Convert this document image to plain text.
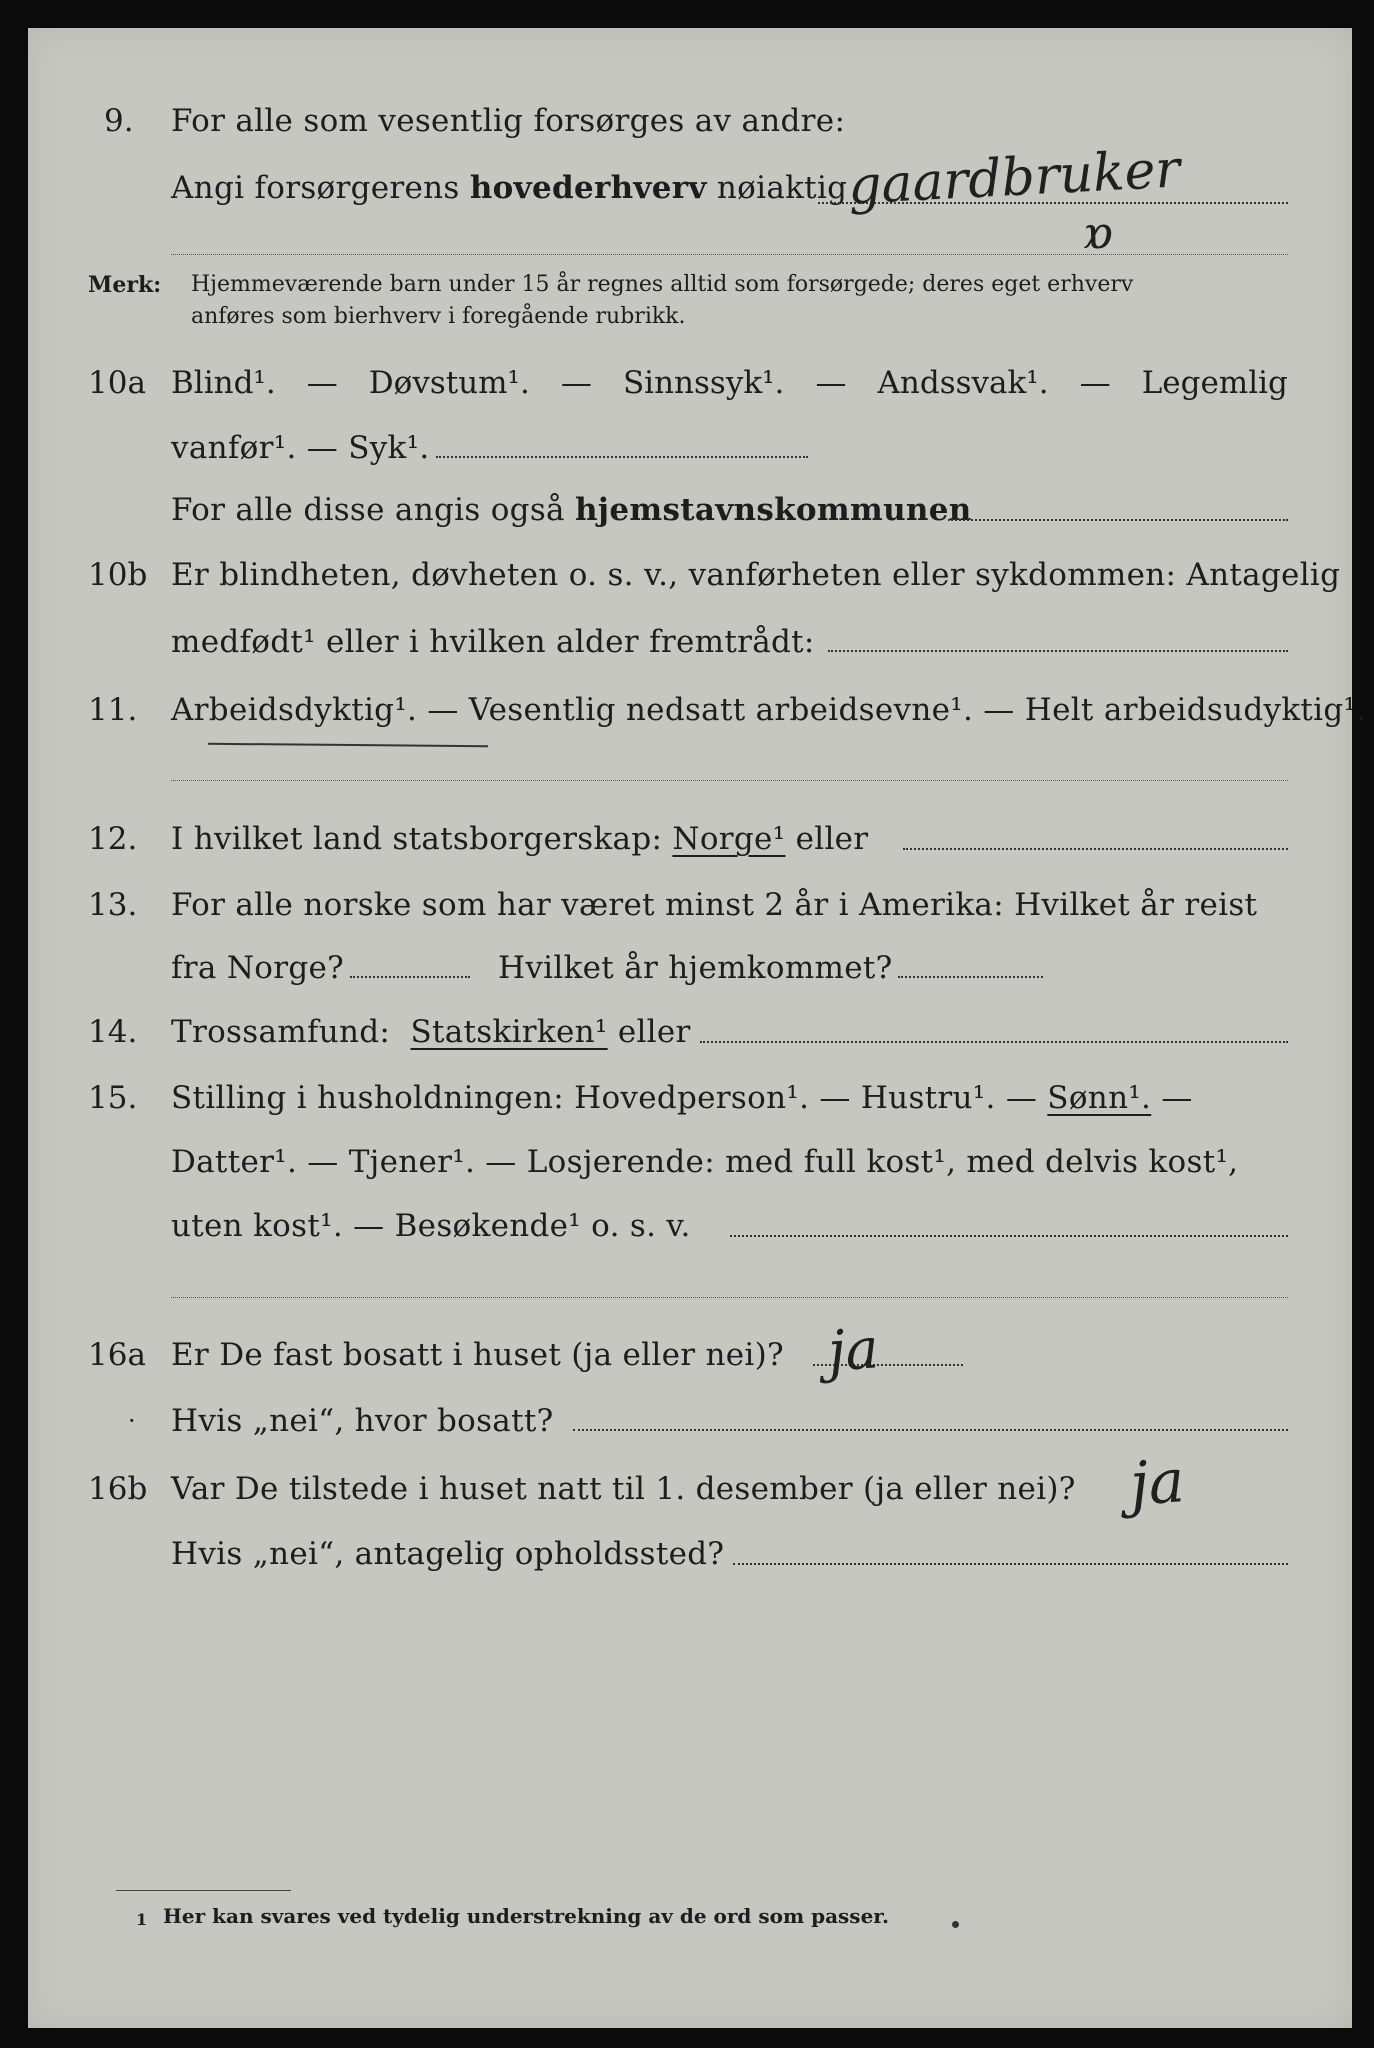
9. For alle som vesentlig forsørges av andre:
Angi forsørgerens hovederhverv nøiaktig gaardbruker
ɒ
Merk: Hjemmeværende barn under 15 år regnes alltid som forsørgede; deres eget erhverv
anføres som bierhverv i foregående rubrikk.
10a Blind¹. — Døvstum¹. — Sinnssyk¹. — Andssvak¹. — Legemlig
vanfør¹. — Syk¹.
For alle disse angis også hjemstavnskommunen
10b Er blindheten, døvheten o. s. v., vanførheten eller sykdommen: Antagelig
medfødt¹ eller i hvilken alder fremtrådt:
11. Arbeidsdyktig¹. — Vesentlig nedsatt arbeidsevne¹. — Helt arbeidsudyktig¹.
12. I hvilket land statsborgerskap: Norge¹ eller
13. For alle norske som har været minst 2 år i Amerika: Hvilket år reist
fra Norge?	Hvilket år hjemkommet?
14. Trossamfund: Statskirken¹ eller
15. Stilling i husholdningen: Hovedperson¹. — Hustru¹. — Sønn¹. —
Datter¹. — Tjener¹. — Losjerende: med full kost¹, med delvis kost¹,
uten kost¹. — Besøkende¹ o. s. v.
16a Er De fast bosatt i huset (ja eller nei)? ja
· Hvis „nei“, hvor bosatt?
16b Var De tilstede i huset natt til 1. desember (ja eller nei)? ja
Hvis „nei“, antagelig opholdssted?
1 Her kan svares ved tydelig understrekning av de ord som passer.
